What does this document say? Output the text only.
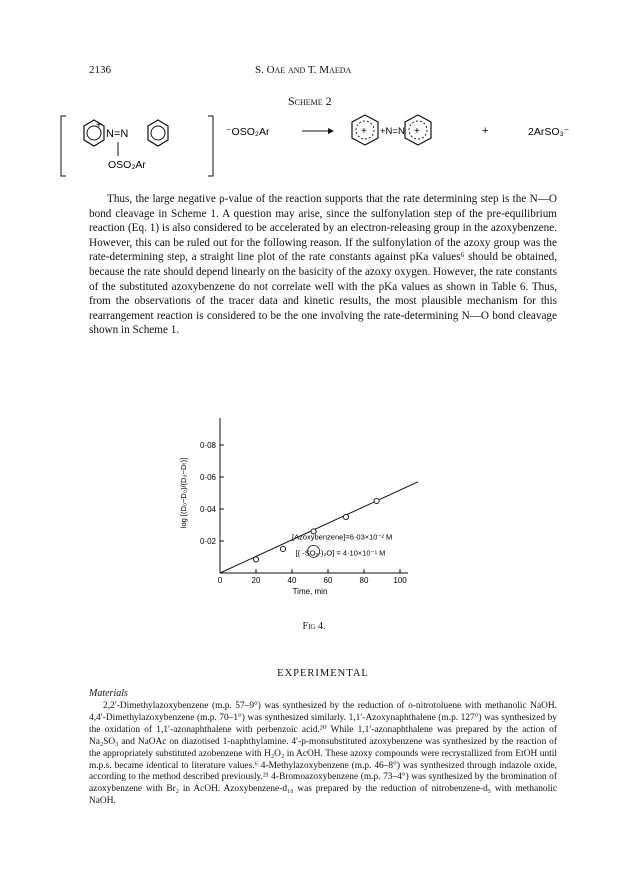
2136	S. Oae and T. Maeda
Scheme 2
+
N=N
OSO₂Ar
⁻OSO₂Ar	+ +N=N +	+	2ArSO₃⁻
Thus, the large negative ρ-value of the reaction supports that the rate determining step is the N—O bond cleavage in Scheme 1. A question may arise, since the sulfonylation step of the pre-equilibrium reaction (Eq. 1) is also considered to be accelerated by an electron-releasing group in the azoxybenzene. However, this can be ruled out for the following reason. If the sulfonylation of the azoxy group was the rate-determining step, a straight line plot of the rate constants against pKa values⁶ should be obtained, because the rate should depend linearly on the basicity of the azoxy oxygen. However, the rate constants of the substituted azoxybenzene do not correlate well with the pKa values as shown in Table 6. Thus, from the observations of the tracer data and kinetic results, the most plausible mechanism for this rearrangement reaction is considered to be the one involving the rate-determining N—O bond cleavage shown in Scheme 1.
0·02
0·04
0·06
0·08
0	20	40	60	80	100
Time, min
log [(D₀−D₀)/(D₀−Dₜ)]
[Azoxybenzene]=6·03×10⁻² M
[( -SO₂-)₂O] = 4·10×10⁻¹ M
Fig 4.
EXPERIMENTAL
Materials
2,2′-Dimethylazoxybenzene (m.p. 57–9°) was synthesized by the reduction of o-nitrotoluene with methanolic NaOH. 4,4′-Dimethylazoxybenzene (m.p. 70–1°) was synthesized similarly. 1,1′-Azoxynaphthalene (m.p. 127°) was synthesized by the oxidation of 1,1′-azonaphthalene with perbenzoic acid.²⁰ While 1,1′-azonaphthalene was prepared by the action of Na₂SO₃ and NaOAc on diazotised 1-naphthylamine. 4′-p-monsubstituted azoxybenzene was synthesized by the reaction of the appropriately substituted azobenzene with H₂O₂ in AcOH. These azoxy compounds were recrystallized from EtOH until m.p.s. became identical to literature values.⁶ 4-Methylazoxybenzene (m.p. 46–8°) was synthesized through indazole oxide, according to the method described previously.²¹ 4-Bromoazoxybenzene (m.p. 73–4°) was synthesized by the bromination of azoxybenzene with Br₂ in AcOH. Azoxybenzene-d₁₀ was prepared by the reduction of nitrobenzene-d₅ with methanolic NaOH.
